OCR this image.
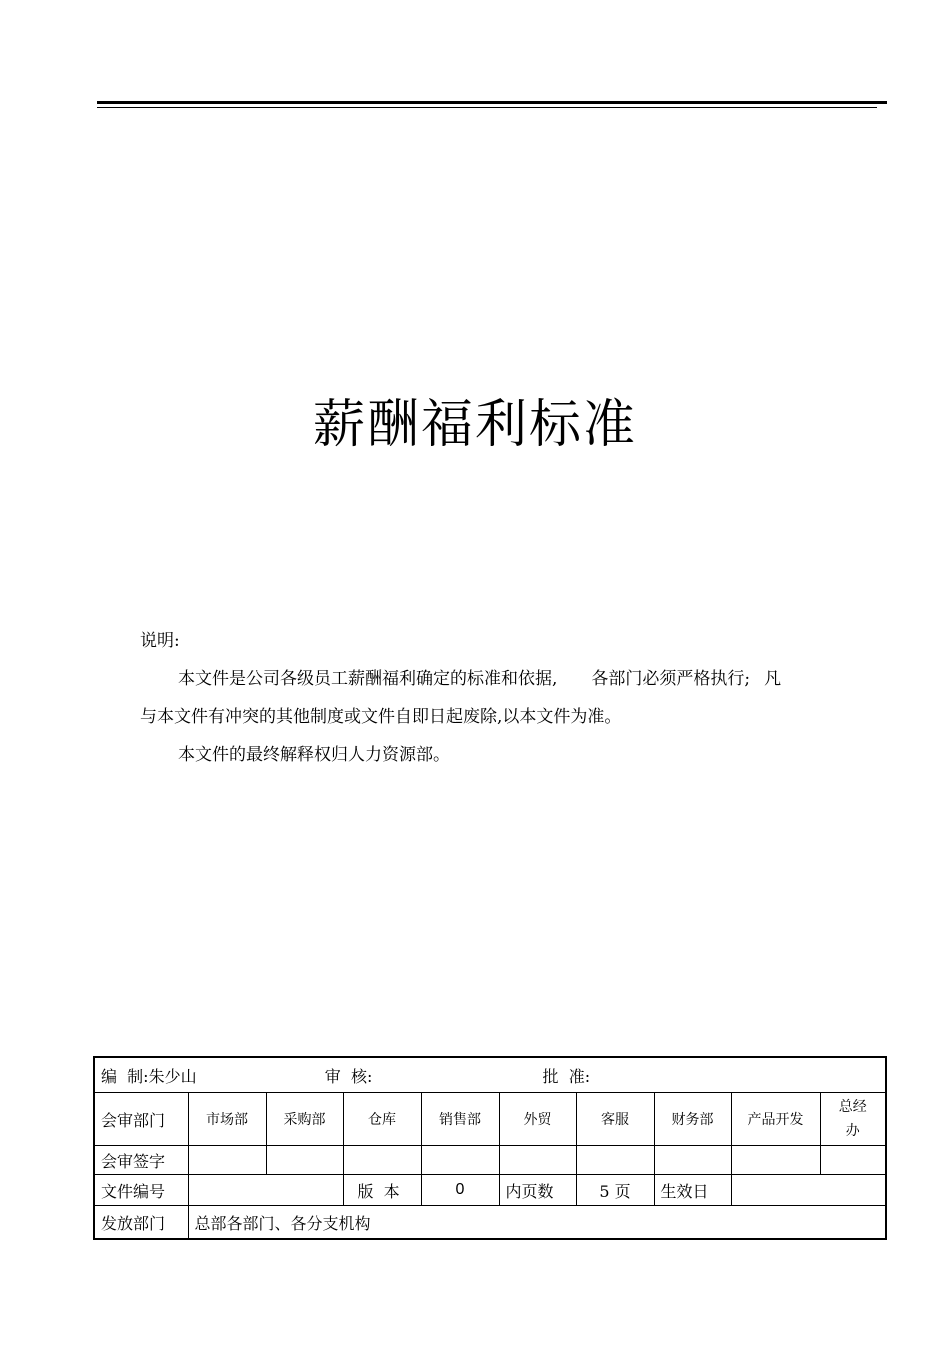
薪酬福利标准

说明:

本文件是公司各级员工薪酬福利确定的标准和依据, 各部门必须严格执行; 凡

与本文件有冲突的其他制度或文件自即日起废除,以本文件为准。

本文件的最终解释权归人力资源部。

编  制:朱少山 审  核: 批  准:									
会审部门	市场部	采购部	仓库	销售部	外贸	客服	财务部	产品开发	总经办

会审签字									
文件编号			版  本	0	内页数	5 页	生效日		
发放部门	总部各部门、各分支机构								
